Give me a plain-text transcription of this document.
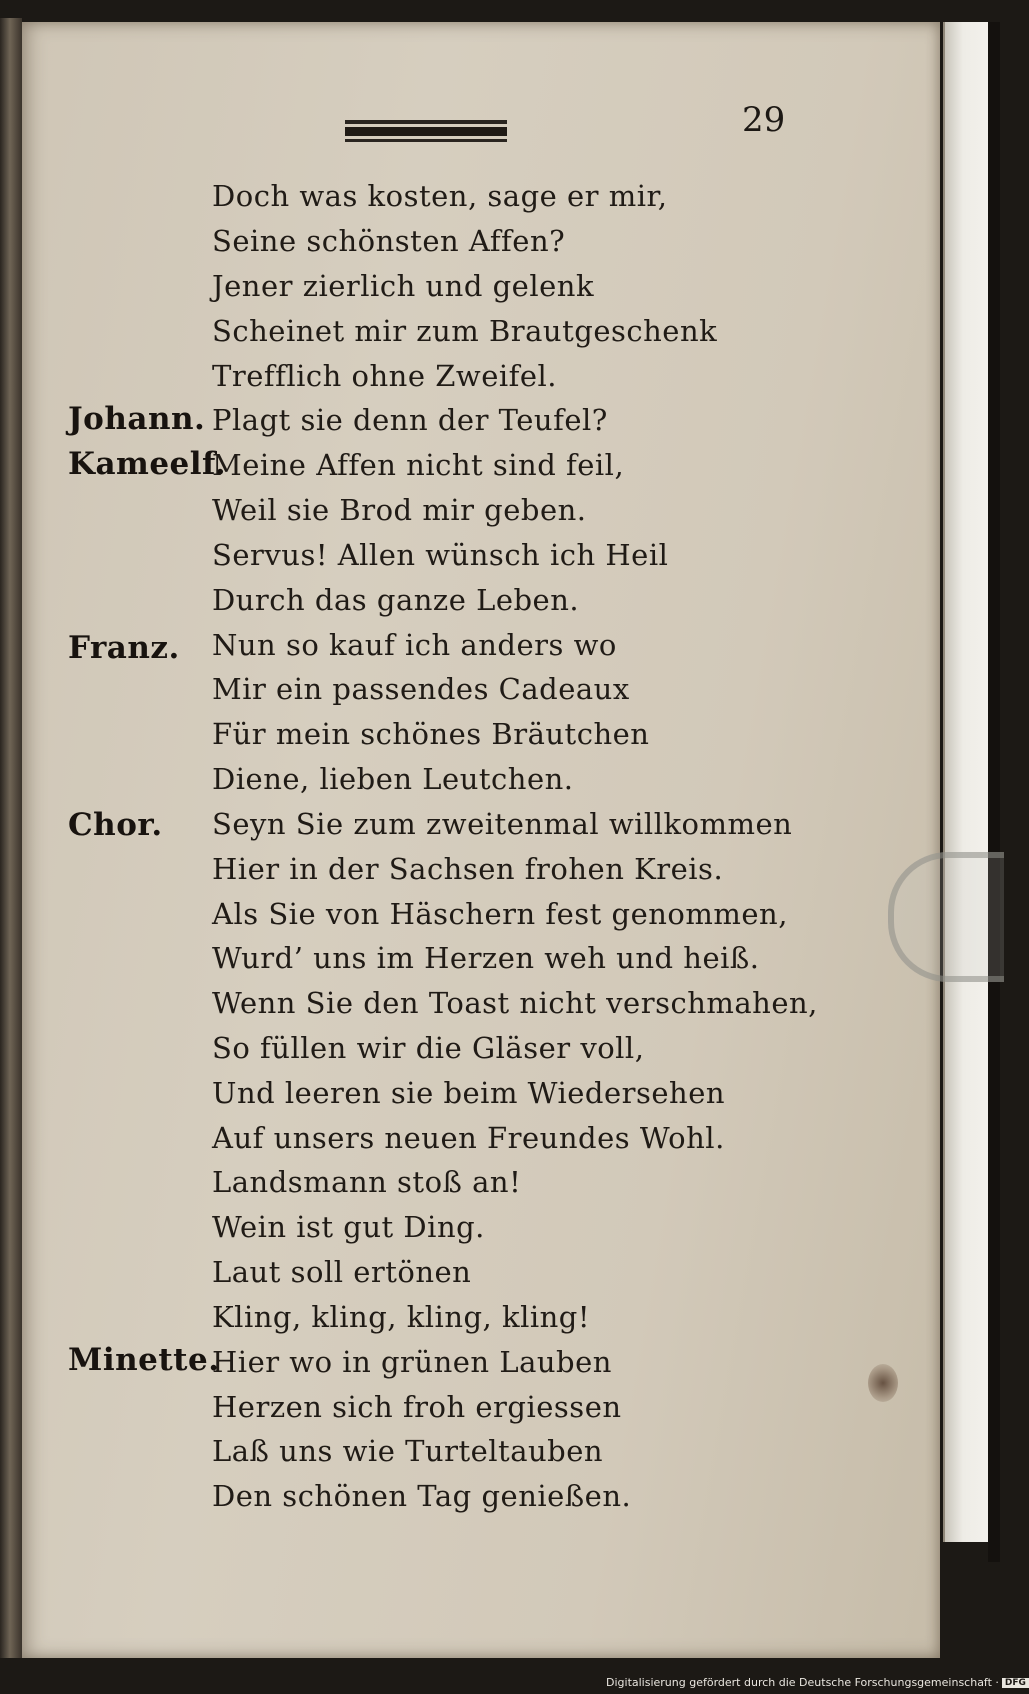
29
Johann.
Kameelf.
Franz.
Chor.
Minette.
Doch was kosten, sage er mir,
Seine schönsten Affen?
Jener zierlich und gelenk
Scheinet mir zum Brautgeschenk
Trefflich ohne Zweifel.
Plagt sie denn der Teufel?
Meine Affen nicht sind feil,
Weil sie Brod mir geben.
Servus! Allen wünsch ich Heil
Durch das ganze Leben.
Nun so kauf ich anders wo
Mir ein passendes Cadeaux
Für mein schönes Bräutchen
Diene, lieben Leutchen.
Seyn Sie zum zweitenmal willkommen
Hier in der Sachsen frohen Kreis.
Als Sie von Häschern fest genommen,
Wurd’ uns im Herzen weh und heiß.
Wenn Sie den Toast nicht verschmahen,
So füllen wir die Gläser voll,
Und leeren sie beim Wiedersehen
Auf unsers neuen Freundes Wohl.
Landsmann stoß an!
Wein ist gut Ding.
Laut soll ertönen
Kling, kling, kling, kling!
Hier wo in grünen Lauben
Herzen sich froh ergiessen
Laß uns wie Turteltauben
Den schönen Tag genießen.
Digitalisierung gefördert durch die Deutsche Forschungsgemeinschaft · DFG
